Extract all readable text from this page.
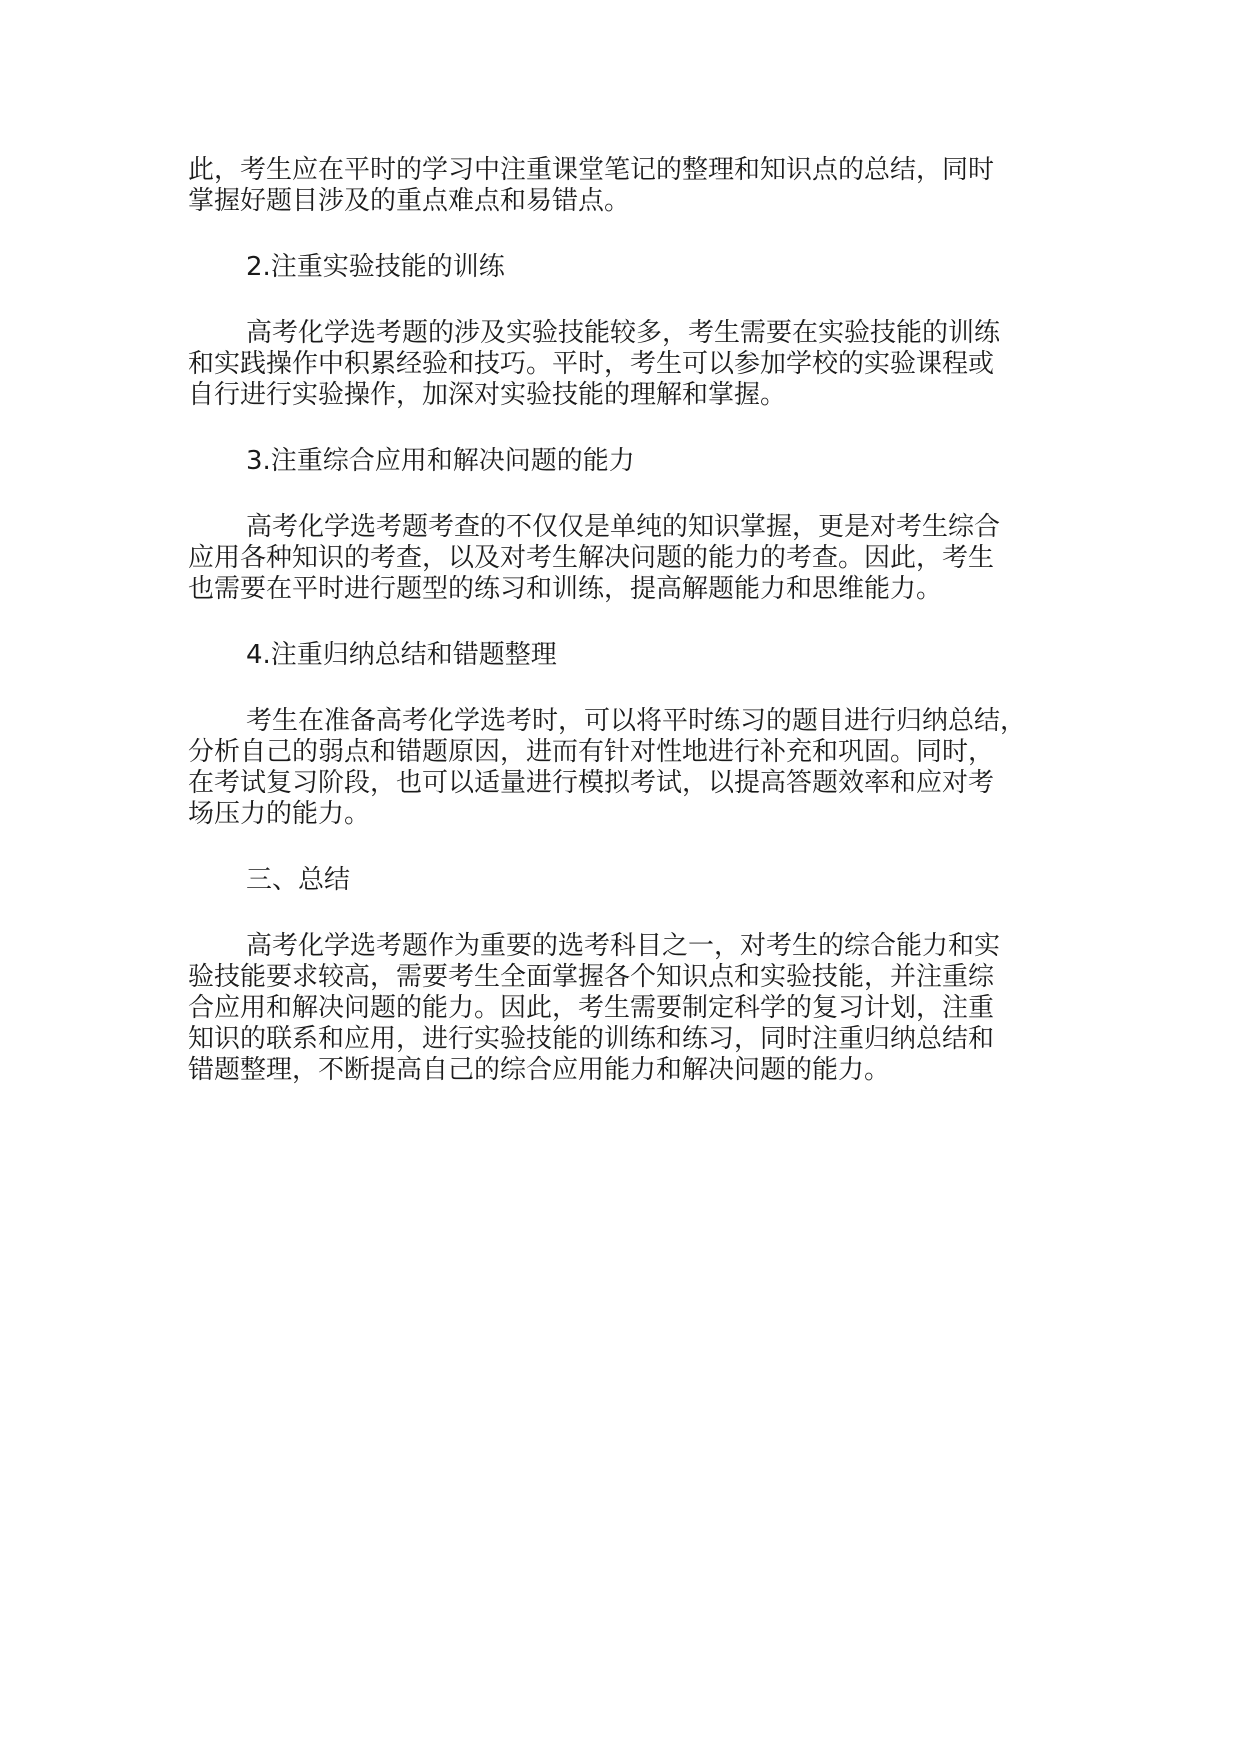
此，考生应在平时的学习中注重课堂笔记的整理和知识点的总结，同时
掌握好题目涉及的重点难点和易错点。
2.注重实验技能的训练
高考化学选考题的涉及实验技能较多，考生需要在实验技能的训练
和实践操作中积累经验和技巧。平时，考生可以参加学校的实验课程或
自行进行实验操作，加深对实验技能的理解和掌握。
3.注重综合应用和解决问题的能力
高考化学选考题考查的不仅仅是单纯的知识掌握，更是对考生综合
应用各种知识的考查，以及对考生解决问题的能力的考查。因此，考生
也需要在平时进行题型的练习和训练，提高解题能力和思维能力。
4.注重归纳总结和错题整理
考生在准备高考化学选考时，可以将平时练习的题目进行归纳总结，
分析自己的弱点和错题原因，进而有针对性地进行补充和巩固。同时，
在考试复习阶段，也可以适量进行模拟考试，以提高答题效率和应对考
场压力的能力。
三、总结
高考化学选考题作为重要的选考科目之一，对考生的综合能力和实
验技能要求较高，需要考生全面掌握各个知识点和实验技能，并注重综
合应用和解决问题的能力。因此，考生需要制定科学的复习计划，注重
知识的联系和应用，进行实验技能的训练和练习，同时注重归纳总结和
错题整理，不断提高自己的综合应用能力和解决问题的能力。
